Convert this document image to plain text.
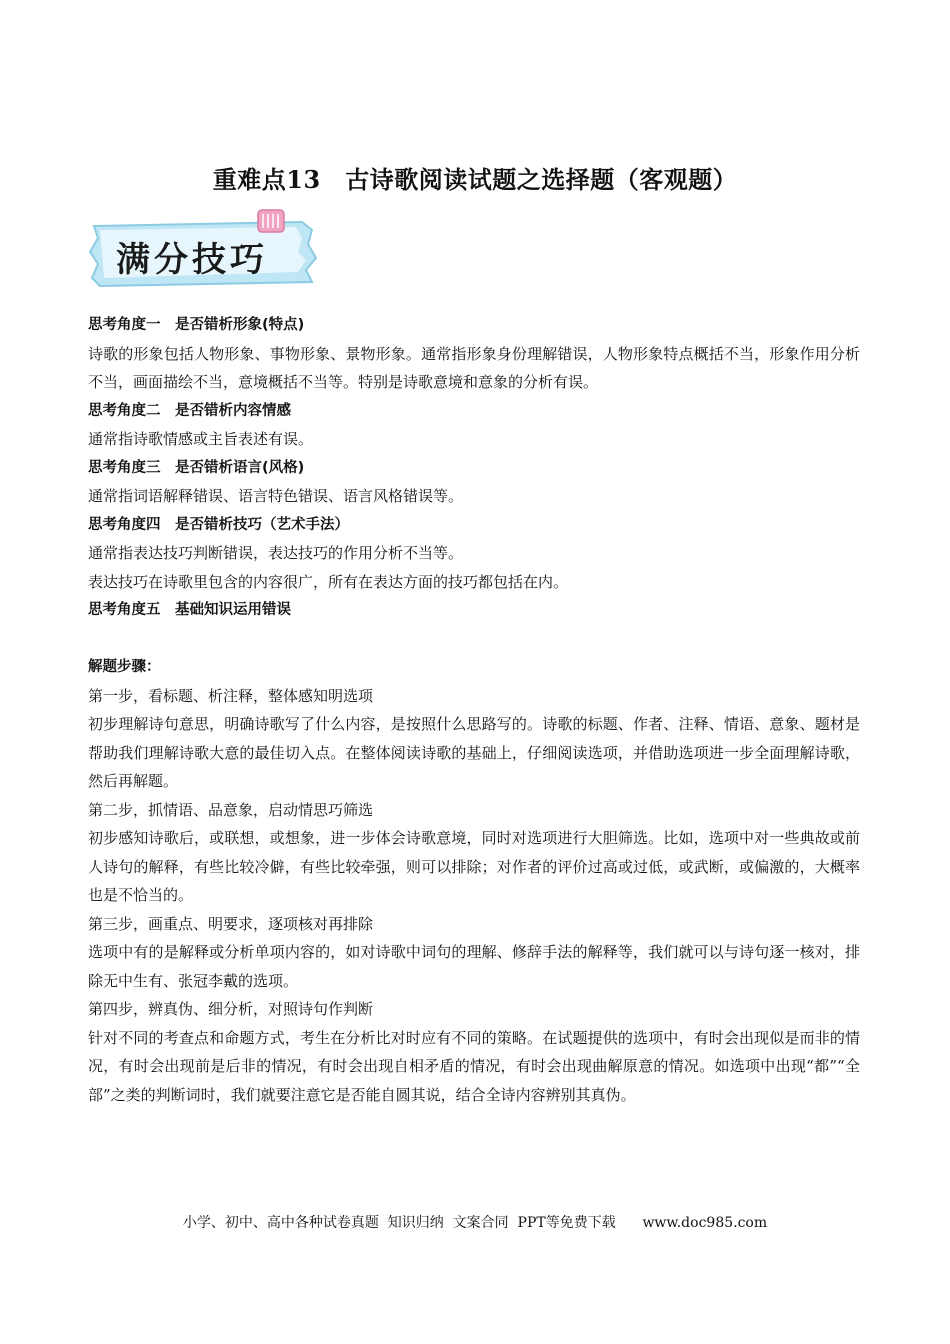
重难点13　古诗歌阅读试题之选择题（客观题）
满分技巧

思考角度一　是否错析形象(特点)

诗歌的形象包括人物形象、事物形象、景物形象。通常指形象身份理解错误，人物形象特点概括不当，形象作用分析不当，画面描绘不当，意境概括不当等。特别是诗歌意境和意象的分析有误。

思考角度二　是否错析内容情感

通常指诗歌情感或主旨表述有误。

思考角度三　是否错析语言(风格)

通常指词语解释错误、语言特色错误、语言风格错误等。

思考角度四　是否错析技巧（艺术手法）

通常指表达技巧判断错误，表达技巧的作用分析不当等。

表达技巧在诗歌里包含的内容很广，所有在表达方面的技巧都包括在内。

思考角度五　基础知识运用错误

解题步骤：

第一步，看标题、析注释，整体感知明选项

初步理解诗句意思，明确诗歌写了什么内容，是按照什么思路写的。诗歌的标题、作者、注释、情语、意象、题材是帮助我们理解诗歌大意的最佳切入点。在整体阅读诗歌的基础上，仔细阅读选项，并借助选项进一步全面理解诗歌，然后再解题。

第二步，抓情语、品意象，启动情思巧筛选

初步感知诗歌后，或联想，或想象，进一步体会诗歌意境，同时对选项进行大胆筛选。比如，选项中对一些典故或前人诗句的解释，有些比较冷僻，有些比较牵强，则可以排除；对作者的评价过高或过低，或武断，或偏激的，大概率也是不恰当的。

第三步，画重点、明要求，逐项核对再排除

选项中有的是解释或分析单项内容的，如对诗歌中词句的理解、修辞手法的解释等，我们就可以与诗句逐一核对，排除无中生有、张冠李戴的选项。

第四步，辨真伪、细分析，对照诗句作判断

针对不同的考查点和命题方式，考生在分析比对时应有不同的策略。在试题提供的选项中，有时会出现似是而非的情况，有时会出现前是后非的情况，有时会出现自相矛盾的情况，有时会出现曲解原意的情况。如选项中出现“都”“全部”之类的判断词时，我们就要注意它是否能自圆其说，结合全诗内容辨别其真伪。

小学、初中、高中各种试卷真题  知识归纳  文案合同  PPT等免费下载      www.doc985.com
